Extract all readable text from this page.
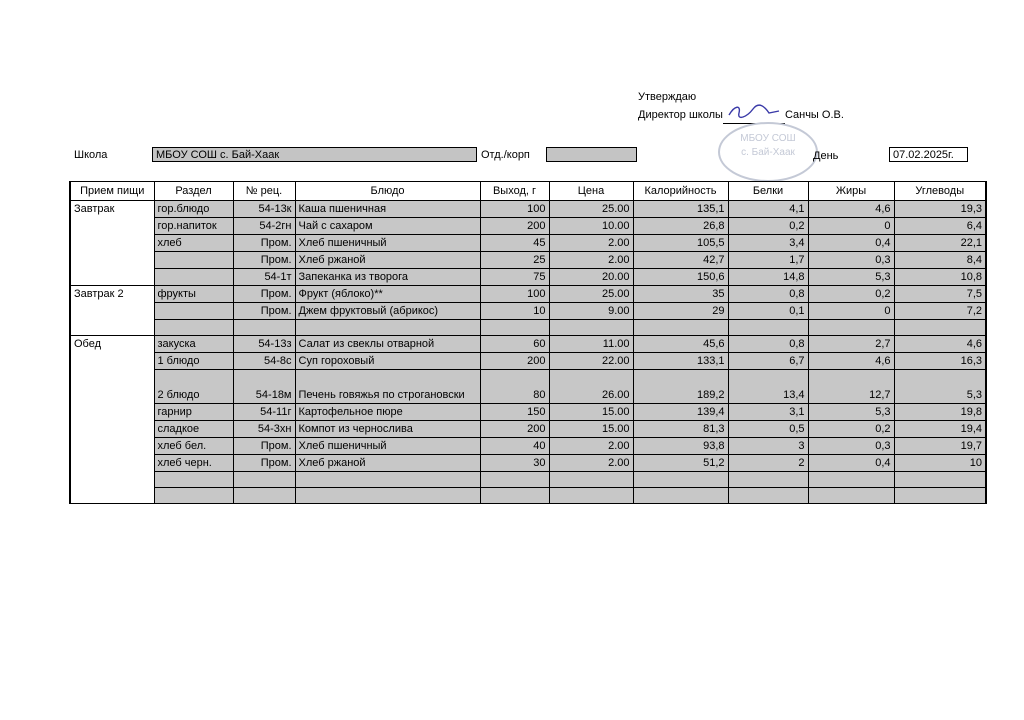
Утверждаю
Директор школы	Санчы О.В.
МБОУ СОШ
с. Бай-Хаак
Школа	МБОУ СОШ с. Бай-Хаак	Отд./корп	День	07.02.2025г.
Прием пищи	Раздел	№ рец.	Блюдо	Выход, г	Цена	Калорийность	Белки	Жиры	Углеводы
Завтрак	гор.блюдо	54-13к	Каша пшеничная	100	25.00	135,1	4,1	4,6	19,3
	гор.напиток	54-2гн	Чай с сахаром	200	10.00	26,8	0,2	0	6,4
	хлеб	Пром.	Хлеб пшеничный	45	2.00	105,5	3,4	0,4	22,1
		Пром.	Хлеб ржаной	25	2.00	42,7	1,7	0,3	8,4
		54-1т	Запеканка из творога	75	20.00	150,6	14,8	5,3	10,8
Завтрак 2	фрукты	Пром.	Фрукт (яблоко)**	100	25.00	35	0,8	0,2	7,5
		Пром.	Джем фруктовый (абрикос)	10	9.00	29	0,1	0	7,2

Обед	закуска	54-13з	Салат из свеклы отварной	60	11.00	45,6	0,8	2,7	4,6
	1 блюдо	54-8с	Суп гороховый	200	22.00	133,1	6,7	4,6	16,3
	2 блюдо	54-18м	Печень говяжья по строгановски	80	26.00	189,2	13,4	12,7	5,3
	гарнир	54-11г	Картофельное пюре	150	15.00	139,4	3,1	5,3	19,8
	сладкое	54-3хн	Компот из чернослива	200	15.00	81,3	0,5	0,2	19,4
	хлеб бел.	Пром.	Хлеб пшеничный	40	2.00	93,8	3	0,3	19,7
	хлеб черн.	Пром.	Хлеб ржаной	30	2.00	51,2	2	0,4	10
